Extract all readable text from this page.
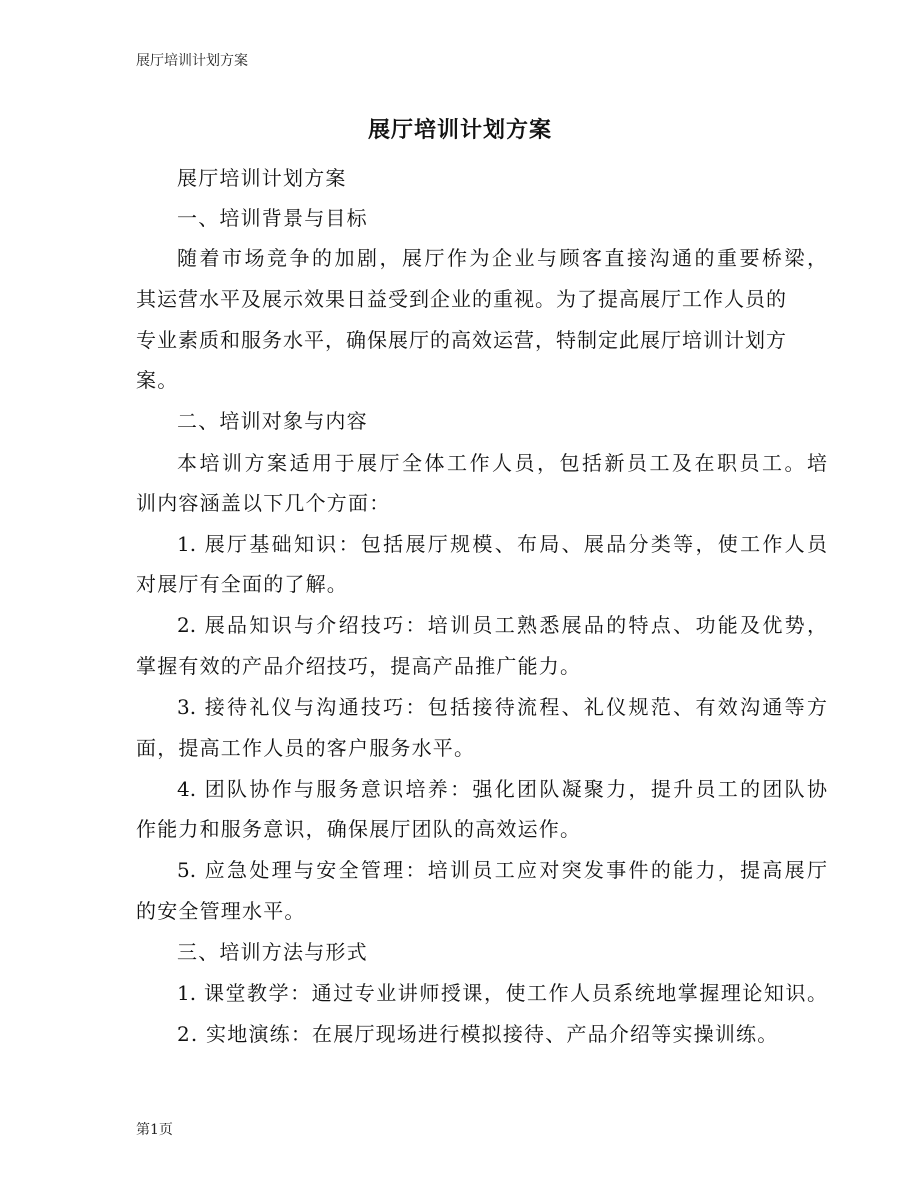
展厅培训计划方案
展厅培训计划方案
展厅培训计划方案
一、培训背景与目标
随着市场竞争的加剧，展厅作为企业与顾客直接沟通的重要桥梁，
其运营水平及展示效果日益受到企业的重视。为了提高展厅工作人员的
专业素质和服务水平，确保展厅的高效运营，特制定此展厅培训计划方
案。
二、培训对象与内容
本培训方案适用于展厅全体工作人员，包括新员工及在职员工。培
训内容涵盖以下几个方面：
1. 展厅基础知识：包括展厅规模、布局、展品分类等，使工作人员
对展厅有全面的了解。
2. 展品知识与介绍技巧：培训员工熟悉展品的特点、功能及优势，
掌握有效的产品介绍技巧，提高产品推广能力。
3. 接待礼仪与沟通技巧：包括接待流程、礼仪规范、有效沟通等方
面，提高工作人员的客户服务水平。
4. 团队协作与服务意识培养：强化团队凝聚力，提升员工的团队协
作能力和服务意识，确保展厅团队的高效运作。
5. 应急处理与安全管理：培训员工应对突发事件的能力，提高展厅
的安全管理水平。
三、培训方法与形式
1. 课堂教学：通过专业讲师授课，使工作人员系统地掌握理论知识。
2. 实地演练：在展厅现场进行模拟接待、产品介绍等实操训练。
第1页
